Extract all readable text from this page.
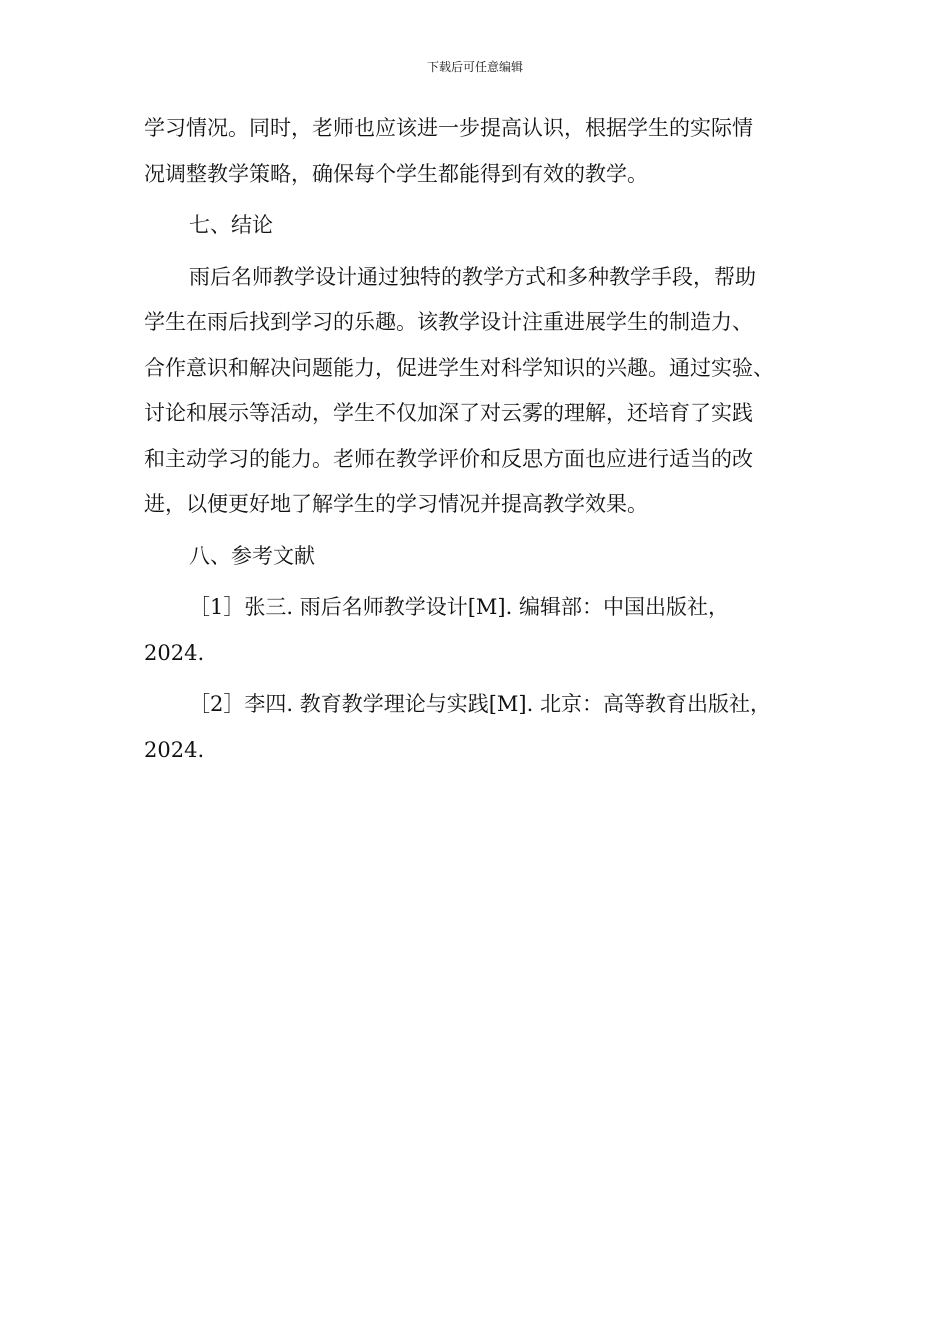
下载后可任意编辑
学习情况。同时，老师也应该进一步提高认识，根据学生的实际情
况调整教学策略，确保每个学生都能得到有效的教学。
七、结论
雨后名师教学设计通过独特的教学方式和多种教学手段，帮助
学生在雨后找到学习的乐趣。该教学设计注重进展学生的制造力、
合作意识和解决问题能力，促进学生对科学知识的兴趣。通过实验、
讨论和展示等活动，学生不仅加深了对云雾的理解，还培育了实践
和主动学习的能力。老师在教学评价和反思方面也应进行适当的改
进，以便更好地了解学生的学习情况并提高教学效果。
八、参考文献
［1］张三. 雨后名师教学设计[M]. 编辑部：中国出版社，
2024.
［2］李四. 教育教学理论与实践[M]. 北京：高等教育出版社，
2024.
